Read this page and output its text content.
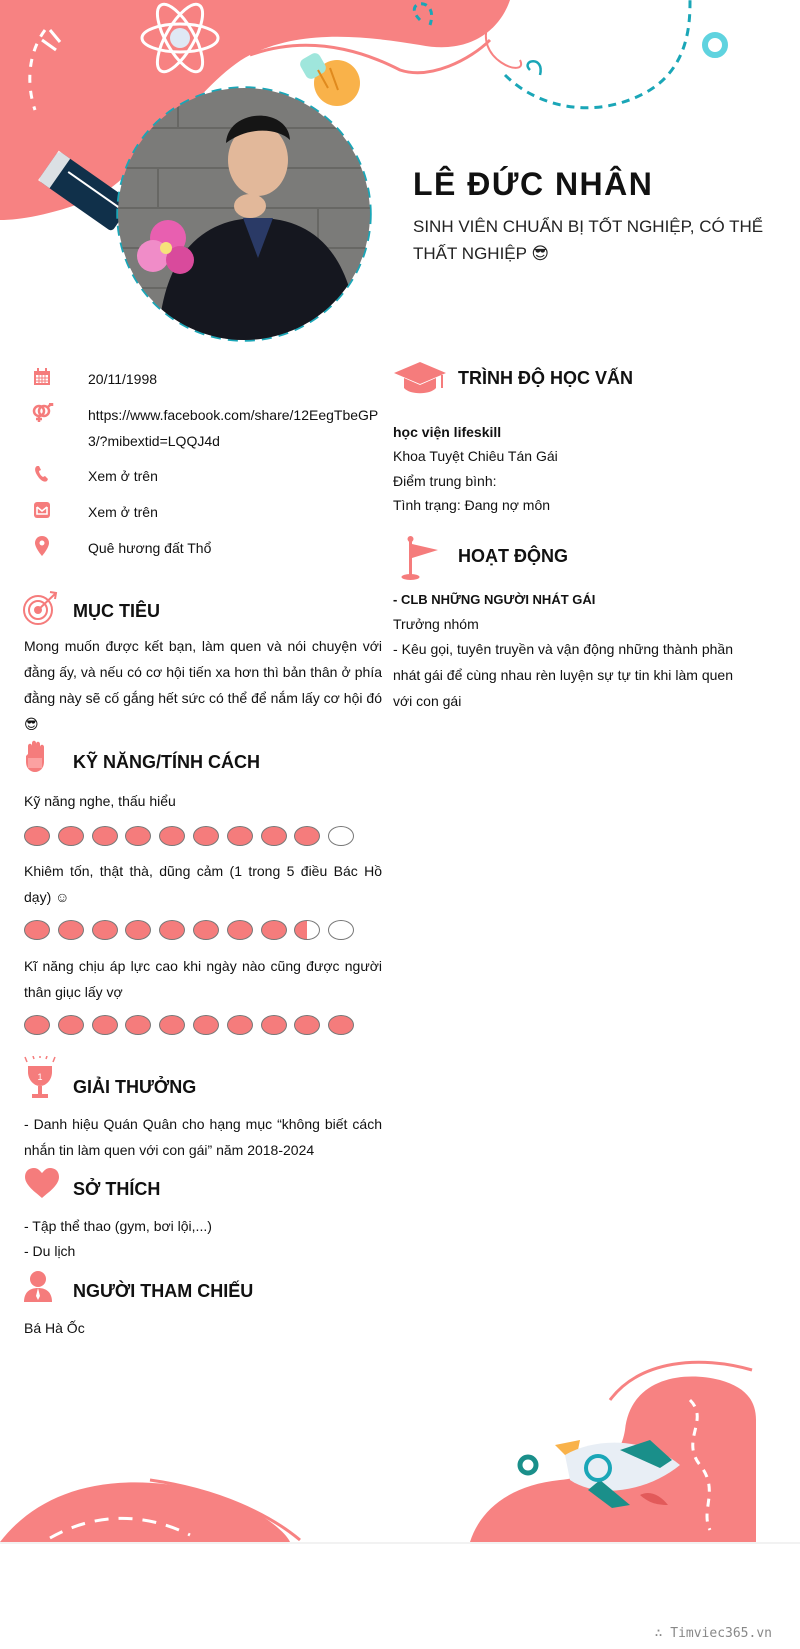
LÊ ĐỨC NHÂN
SINH VIÊN CHUẨN BỊ TỐT NGHIỆP, CÓ THỂ THẤT NGHIỆP 😎
20/11/1998
https://www.facebook.com/share/12EegTbeGP3/?mibextid=LQQJ4d
Xem ở trên
Xem ở trên
Quê hương đất Thổ
MỤC TIÊU
Mong muốn được kết bạn, làm quen và nói chuyện với đằng ấy, và nếu có cơ hội tiến xa hơn thì bản thân ở phía đằng này sẽ cố gắng hết sức có thể để nắm lấy cơ hội đó 😎
KỸ NĂNG/TÍNH CÁCH
Kỹ năng nghe, thấu hiểu
Khiêm tốn, thật thà, dũng cảm (1 trong 5 điều Bác Hồ dạy) ☺
Kĩ năng chịu áp lực cao khi ngày nào cũng được người thân giục lấy vợ
1 GIẢI THƯỞNG
- Danh hiệu Quán Quân cho hạng mục “không biết cách nhắn tin làm quen với con gái” năm 2018-2024
SỞ THÍCH
- Tập thể thao (gym, bơi lội,...)
- Du lịch
NGƯỜI THAM CHIẾU
Bá Hà Ốc
TRÌNH ĐỘ HỌC VẤN
học viện lifeskill
Khoa Tuyệt Chiêu Tán Gái
Điểm trung bình:
Tình trạng: Đang nợ môn
HOẠT ĐỘNG
- CLB NHỮNG NGƯỜI NHÁT GÁI
Trưởng nhóm
- Kêu gọi, tuyên truyền và vận động những thành phần nhát gái để cùng nhau rèn luyện sự tự tin khi làm quen với con gái
∴ Timviec365.vn
